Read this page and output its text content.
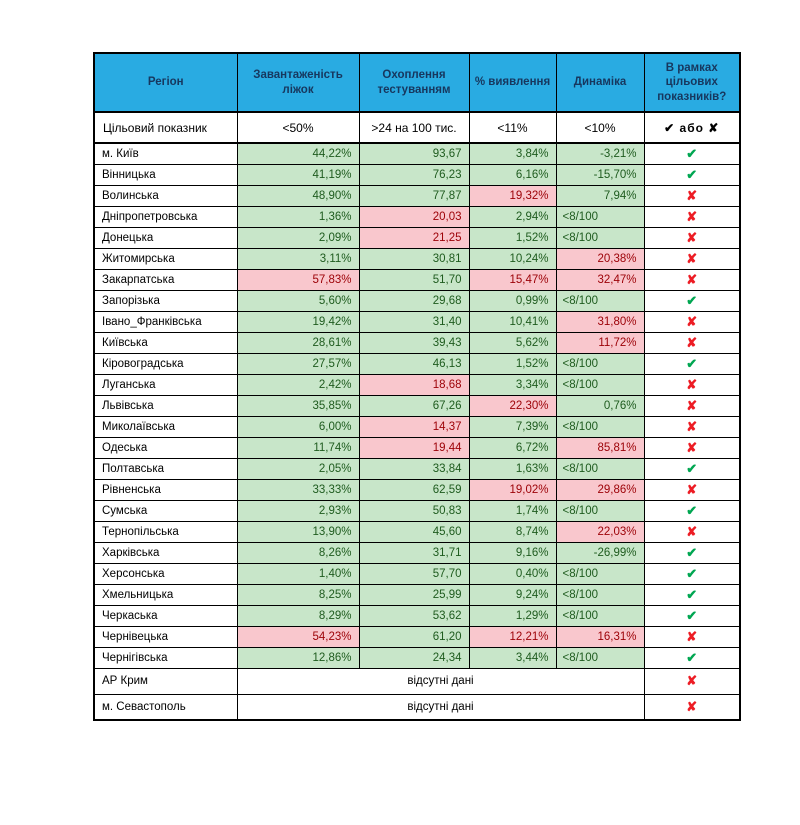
Регіон	Завантаженість ліжок	Охоплення тестуванням	% виявлення	Динаміка	В рамках цільових показників?
Цільовий показник	<50%	>24 на 100 тис.	<11%	<10%	✔ або ✘
м. Київ	44,22%	93,67	3,84%	-3,21%	✔
Вінницька	41,19%	76,23	6,16%	-15,70%	✔
Волинська	48,90%	77,87	19,32%	7,94%	✘
Дніпропетровська	1,36%	20,03	2,94%	<8/100	✘
Донецька	2,09%	21,25	1,52%	<8/100	✘
Житомирська	3,11%	30,81	10,24%	20,38%	✘
Закарпатська	57,83%	51,70	15,47%	32,47%	✘
Запорізька	5,60%	29,68	0,99%	<8/100	✔
Івано_Франківська	19,42%	31,40	10,41%	31,80%	✘
Київська	28,61%	39,43	5,62%	11,72%	✘
Кіровоградська	27,57%	46,13	1,52%	<8/100	✔
Луганська	2,42%	18,68	3,34%	<8/100	✘
Львівська	35,85%	67,26	22,30%	0,76%	✘
Миколаївська	6,00%	14,37	7,39%	<8/100	✘
Одеська	11,74%	19,44	6,72%	85,81%	✘
Полтавська	2,05%	33,84	1,63%	<8/100	✔
Рівненська	33,33%	62,59	19,02%	29,86%	✘
Сумська	2,93%	50,83	1,74%	<8/100	✔
Тернопільська	13,90%	45,60	8,74%	22,03%	✘
Харківська	8,26%	31,71	9,16%	-26,99%	✔
Херсонська	1,40%	57,70	0,40%	<8/100	✔
Хмельницька	8,25%	25,99	9,24%	<8/100	✔
Черкаська	8,29%	53,62	1,29%	<8/100	✔
Чернівецька	54,23%	61,20	12,21%	16,31%	✘
Чернігівська	12,86%	24,34	3,44%	<8/100	✔
АР Крим	відсутні дані				✘
м. Севастополь	відсутні дані				✘
